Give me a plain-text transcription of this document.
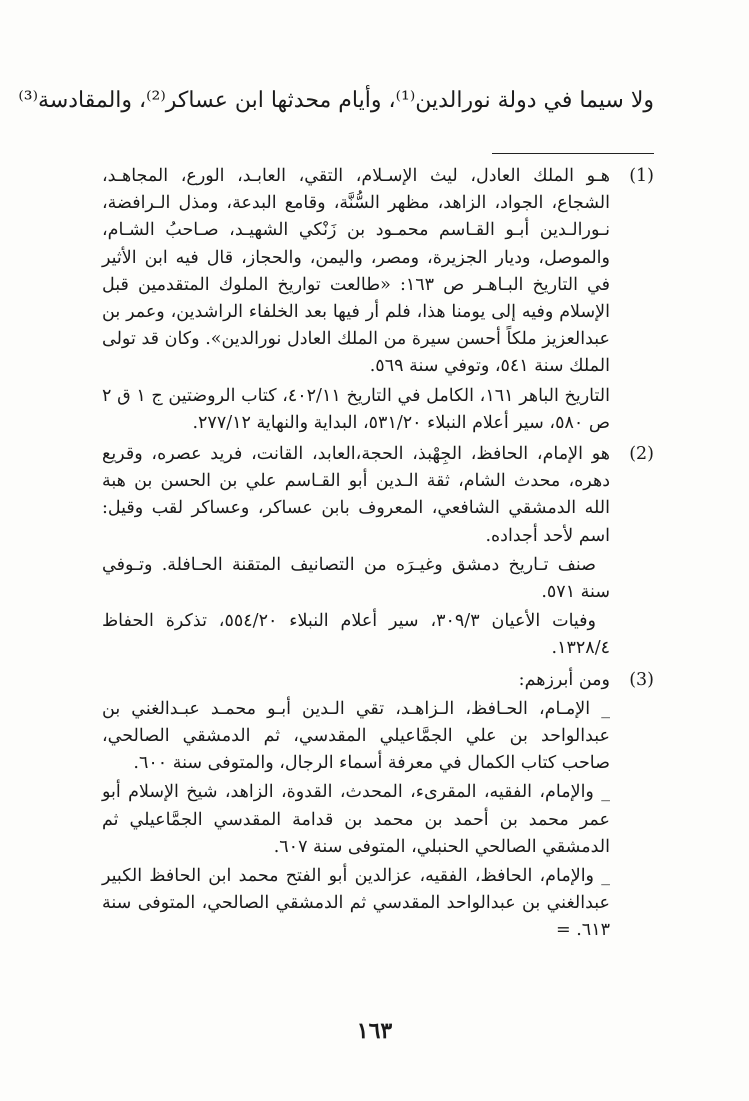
ولا سيما في دولة نورالدين⁽¹⁾، وأيام محدثها ابن عساكر⁽²⁾، والمقادسة⁽³⁾
(1)
هـو الملك العادل، ليث الإسـلام، التقي، العابـد، الورع، المجاهـد، الشجاع، الجواد، الزاهد، مظهر السُّنَّة، وقامع البدعة، ومذل الـرافضة، نـورالـدين أبـو القـاسم محمـود بن زَنْكي الشهيـد، صـاحبُ الشـام، والموصل، وديار الجزيرة، ومصر، واليمن، والحجاز، قال فيه ابن الأثير في التاريخ البـاهـر ص ١٦٣: «طالعت تواريخ الملوك المتقدمين قبل الإسلام وفيه إلى يومنا هذا، فلم أر فيها بعد الخلفاء الراشدين، وعمر بن عبدالعزيز ملكاً أحسن سيرة من الملك العادل نورالدين». وكان قد تولى الملك سنة ٥٤١، وتوفي سنة ٥٦٩.
التاريخ الباهر ١٦١، الكامل في التاريخ ٤٠٢/١١، كتاب الروضتين ج ١ ق ٢ ص ٥٨٠، سير أعلام النبلاء ٥٣١/٢٠، البداية والنهاية ٢٧٧/١٢.
(2)
هو الإمام، الحافظ، الجِهْبذ، الحجة،العابد، القانت، فريد عصره، وقريع دهره، محدث الشام، ثقة الـدين أبو القـاسم علي بن الحسن بن هبة الله الدمشقي الشافعي، المعروف بابن عساكر، وعساكر لقب وقيل: اسم لأحد أجداده.
صنف تـاريخ دمشق وغيـرَه من التصانيف المتقنة الحـافلة. وتـوفي سنة ٥٧١.
وفيات الأعيان ٣٠٩/٣، سير أعلام النبلاء ٥٥٤/٢٠، تذكرة الحفاظ ١٣٢٨/٤.
(3)
ومن أبرزهم:
_ الإمـام، الحـافظ، الـزاهـد، تقي الـدين أبـو محمـد عبـدالغني بن عبدالواحد بن علي الجمَّاعيلي المقدسي، ثم الدمشقي الصالحي، صاحب كتاب الكمال في معرفة أسماء الرجال، والمتوفى سنة ٦٠٠.
_ والإمام، الفقيه، المقرىء، المحدث، القدوة، الزاهد، شيخ الإسلام أبو عمر محمد بن أحمد بن محمد بن قدامة المقدسي الجمَّاعيلي ثم الدمشقي الصالحي الحنبلي، المتوفى سنة ٦٠٧.
_ والإمام، الحافظ، الفقيه، عزالدين أبو الفتح محمد ابن الحافظ الكبير عبدالغني بن عبدالواحد المقدسي ثم الدمشقي الصالحي، المتوفى سنة ٦١٣. =
١٦٣
